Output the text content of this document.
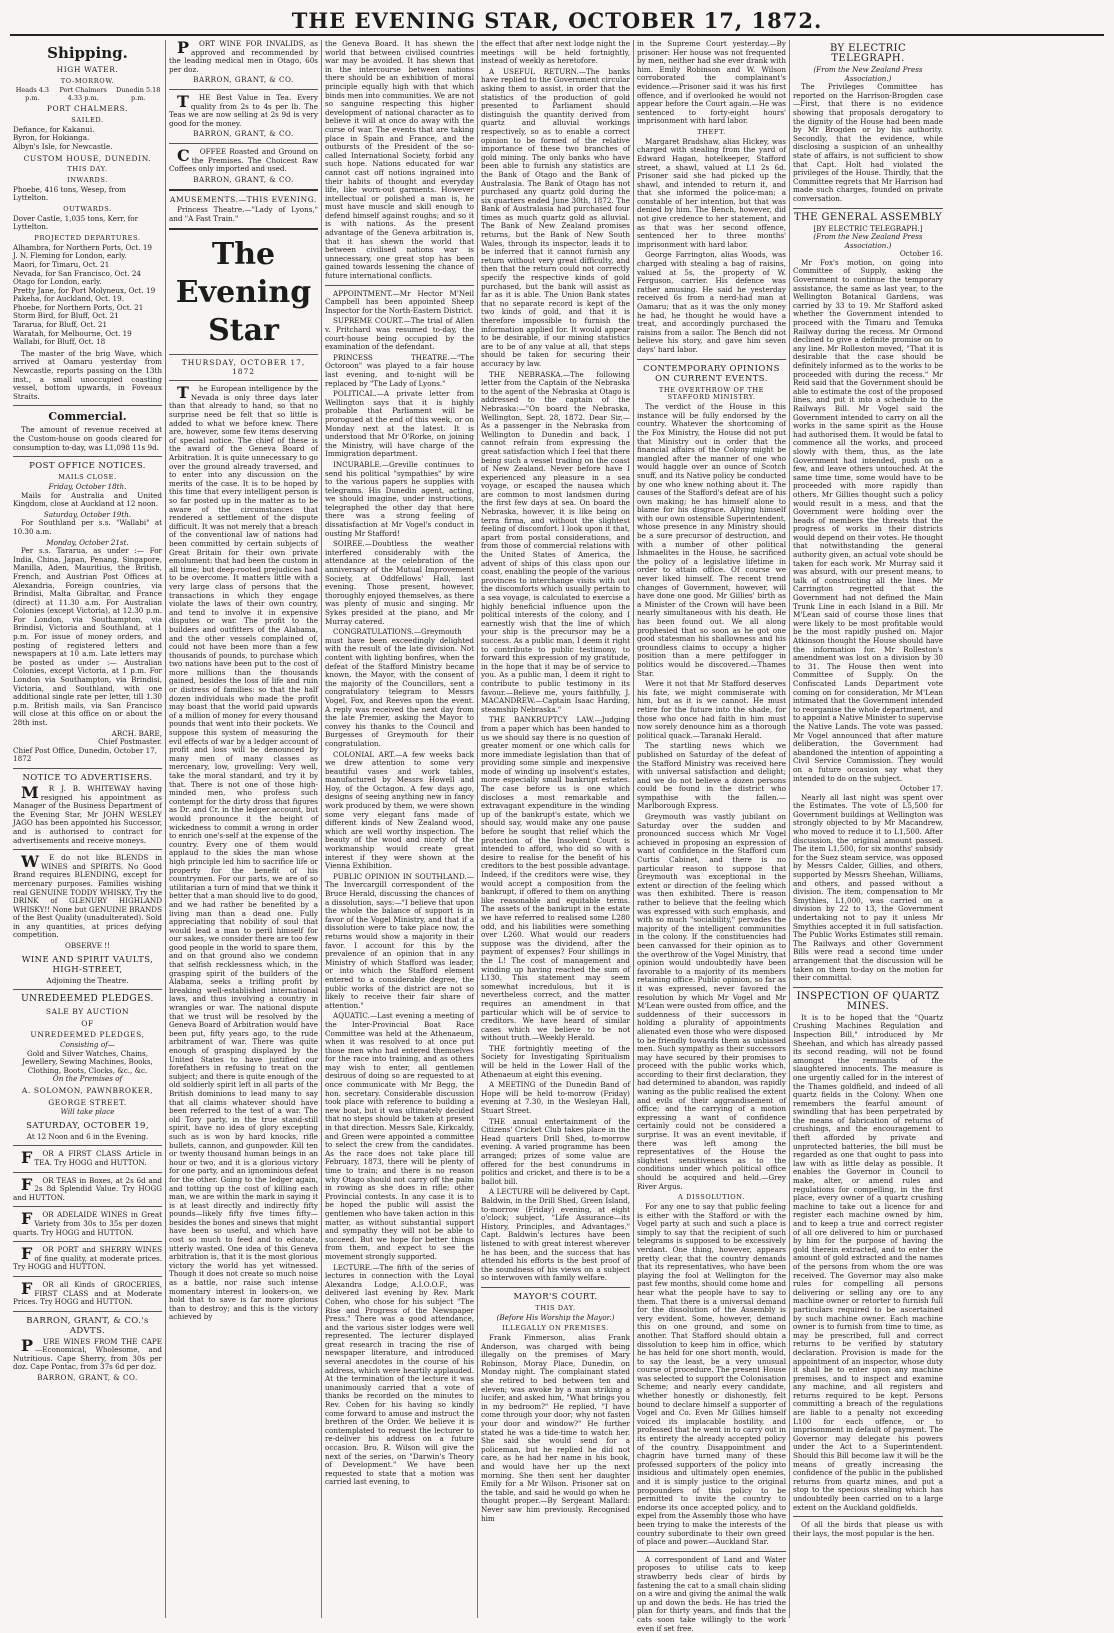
THE EVENING STAR, OCTOBER 17, 1872.
Shipping.
HIGH WATER.
TO-MORROW.
Heads 4.3 p.m.
Port Chalmers 4.33 p.m.
Dunedin 5.18 p.m.
PORT CHALMERS.
SAILED.
Defiance, for Kakanui.
Byron, for Hokianga.
Albyn's Isle, for Newcastle.
CUSTOM HOUSE, DUNEDIN.
THIS DAY.
INWARDS.
Phoebe, 416 tons, Wesep, from Lyttelton.
OUTWARDS.
Dover Castle, 1,035 tons, Kerr, for Lyttelton.
PROJECTED DEPARTURES.
Alhambra, for Northern Ports, Oct. 19
J. N. Fleming for London, early.
Maori, for Timaru, Oct. 21
Nevada, for San Francisco, Oct. 24
Otago for London, early.
Pretty Jane, for Port Molyneux, Oct. 19
Pakeha, for Auckland, Oct. 19.
Phoebe, for Northern Ports, Oct. 21
Storm Bird, for Bluff, Oct. 21
Tararua, for Bluff, Oct. 21
Waratah, for Melbourne, Oct. 19
Wallabi, for Bluff, Oct. 18
The master of the brig Wave, which arrived at Oamaru yesterday from Newcastle, reports passing on the 13th inst., a small unoccupied coasting vessel, bottom upwards, in Foveaux Straits.
Commercial.
The amount of revenue received at the Custom-house on goods cleared for consumption to-day, was L1,098 11s 9d.
POST OFFICE NOTICES.
MAILS CLOSE.
Friday, October 18th.
Mails for Australia and United Kingdom, close at Auckland at 12 noon.
Saturday, October 19th.
For Southland per s.s. "Wallabi" at 10.30 a.m.
Monday, October 21st.
Per s.s. Tararua, as under :— For India, China, Japan, Penang, Singapore, Manilla, Aden, Mauritius, the British, French, and Austrian Post Offices at Alexandria, Foreign countries, via Brindisi, Malta Gibraltar, and France (direct) at 11.30 a.m. For Australian Colonies (except Victoria), at 12.30 p.m. For London, via Southampton, via Brindisi, Victoria and Southland, at 1 p.m. For issue of money orders, and posting of registered letters and newspapers at 10 a.m. Late letters may be posted as under :— Australian Colonies, except Victoria, at 1 p.m. For London via Southampton, via Brindisi, Victoria, and Southland, with one additional single rate per letter, till 1.30 p.m. British mails, via San Francisco will close at this office on or about the 28th inst.
ARCH. BARE,
Chief Postmaster.
Chief Post Office, Dunedin, October 17, 1872
NOTICE TO ADVERTISERS.
MR J. B. WHITEWAY having resigned his appointment as Manager of the Business Department of the Evening Star, Mr JOHN WESLEY JAGO has been appointed his Successor, and is authorised to contract for advertisements and receive moneys.
WE do not like BLENDS in WINES and SPIRITS. No Good Brand requires BLENDING, except for mercenary purposes. Families wishing real GENUINE TODDY WHISKY, Try the DRINK of GLENURY HIGHLAND WHISKY!! None but GENUINE BRANDS of the Best Quality (unadulterated). Sold in any quantities, at prices defying competition.
OBSERVE !!
WINE AND SPIRIT VAULTS, HIGH-STREET,
Adjoining the Theatre.
UNREDEEMED PLEDGES.
SALE BY AUCTION
OF
UNREDEEMED PLEDGES,
Consisting of—
Gold and Silver Watches, Chains, Jewellery, Sewing Machines, Books, Clothing, Boots, Clocks, &c., &c.
On the Premises of
A. SOLOMON, PAWNBROKER,
GEORGE STREET.
Will take place
SATURDAY, OCTOBER 19,
At 12 Noon and 6 in the Evening.
FOR A FIRST CLASS Article in TEA. Try HOGG and HUTTON.
FOR TEAS in Boxes, at 2s 6d and 2s 8d Splendid Value. Try HOGG and HUTTON.
FOR ADELAIDE WINES in Great Variety from 30s to 35s per dozen quarts. Try HOGG and HUTTON.
FOR PORT and SHERRY WINES of fine quality, at moderate prices. Try HOGG and HUTTON.
FOR all Kinds of GROCERIES, FIRST CLASS and at Moderate Prices. Try HOGG and HUTTON.
BARRON, GRANT, & CO.'s ADVTS.
PURE WINES FROM THE CAPE—Economical, Wholesome, and Nutritious. Cape Sherry, from 30s per doz. Cape Pontac, from 37s 6d per doz.
BARRON, GRANT, & CO.
PORT WINE FOR INVALIDS, as approved and recommended by the leading medical men in Otago, 60s per doz.
BARRON, GRANT, & CO.
THE Best Value in Tea. Every quality from 2s to 4s per lb. The Teas we are now selling at 2s 9d is very good for the money.
BARRON, GRANT, & CO.
COFFEE Roasted and Ground on the Premises. The Choicest Raw Coffees only imported and used.
BARRON, GRANT, & CO.
AMUSEMENTS.—THIS EVENING.
Princess Theatre.—"Lady of Lyons," and "A Fast Train."
The Evening Star
THURSDAY, OCTOBER 17, 1872
The European intelligence by the Nevada is only three days later than that already to hand, so that no surprise need be felt that so little is added to what we before knew. There are, however, some few items deserving of special notice. The chief of these is the award of the Geneva Board of Arbitration. It is quite unnecessary to go over the ground already traversed, and to enter into any discussion on the merits of the case. It is to be hoped by this time that every intelligent person is so far posted up in the matter as to be aware of the circumstances that rendered a settlement of the dispute difficult. It was not merely that a breach of the conventional law of nations had been committed by certain subjects of Great Britain for their own private emolument: that had been the custom in all time; but deep-rooted prejudices had to be overcome. It matters little with a very large class of persons that the transactions in which they engage violate the laws of their own country, and tend to involve it in expensive disputes or war. The profit to the builders and outfitters of the Alabama, and the other vessels complained of, could not have been more than a few thousands of pounds, to purchase which two nations have been put to the cost of more millions than the thousands gained, besides the loss of life and ruin or distress of families: so that the half dozen individuals who made the profit may boast that the world paid upwards of a million of money for every thousand pounds that went into their pockets. We suppose this system of measuring the evil effects of war by a ledger account of profit and loss will be denounced by many men of many classes as mercenary, low, grovelling: Very well, take the moral standard, and try it by that. There is not one of those high-minded men, who profess such contempt for the dirty dross that figures as Dr. and Cr. in the ledger account, but would pronounce it the height of wickedness to commit a wrong in order to enrich one's-self at the expense of the country. Every one of them would applaud to the skies the man whose high principle led him to sacrifice life or property for the benefit of his countrymen. For our parts, we are of so utilitarian a turn of mind that we think it better that a man should live to do good, and we had rather be benefited by a living man than a dead one. Fully appreciating that nobility of soul that would lead a man to peril himself for our sakes, we consider there are too few good people in the world to spare them, and on that ground also we condemn that selfish recklessness which, in the grasping spirit of the builders of the Alabama, seeks a trifling profit by breaking well-established international laws, and thus involving a country in wrangles or war. The national dispute that we trust will be resolved by the Geneva Board of Arbitration would have been put, fifty years ago, to the rude arbitrament of war. There was quite enough of grasping displayed by the United States to have justified our forefathers in refusing to treat on the subject; and there is quite enough of the old soldierly spirit left in all parts of the British dominions to lead many to say that all claims whatever should have been referred to the test of a war. The old Tory party, in the true stand-still spirit, have no idea of glory excepting such as is won by hard knocks, rifle bullets, cannon, and gunpowder. Kill ten or twenty thousand human beings in an hour or two, and it is a glorious victory for one party, and an ignominious defeat for the other. Going to the ledger again, and totting up the cost of killing each man, we are within the mark in saying it is at least directly and indirectly fifty pounds—likely fifty five times fifty—besides the bones and sinews that might have been so useful, and which have cost so much to feed and to educate, utterly wasted. One idea of this Geneva arbitration is, that it is the most glorious victory the world has yet witnessed. Though it does not create so much noise as a battle, nor raise such intense momentary interest in lookers-on, we hold that to save is far more glorious than to destroy; and this is the victory achieved by
the Geneva Board. It has shewn the world that between civilised countries war may be avoided. It has shewn that in the intercourse between nations there should be an exhibition of moral principle equally high with that which binds men into communities. We are not so sanguine respecting this higher development of national character as to believe it will at once do away with the curse of war. The events that are taking place in Spain and France, and the outbursts of the President of the so-called International Society, forbid any such hope. Nations educated for war cannot cast off notions ingrained into their habits of thought and everyday life, like worn-out garments. However intellectual or polished a man is, he must have muscle and skill enough to defend himself against roughs; and so it is with nations. As the present advantage of the Geneva arbitration is, that it has shewn the world that between civilised nations war is unnecessary, one great stop has been gained towards lessening the chance of future international conflicts.
APPOINTMENT.—Mr Hector M'Neil Campbell has been appointed Sheep Inspector for the North-Eastern District.
SUPREME COURT.—The trial of Allen v. Pritchard was resumed to-day, the court-house being occupied by the examination of the defendant.
PRINCESS THEATRE.—"The Octoroon" was played to a fair house last evening, and to-night will be replaced by "The Lady of Lyons."
POLITICAL.—A private letter from Wellington says that it is highly probable that Parliament will be prorogued at the end of this week, or on Monday next at the latest. It is understood that Mr O'Rorke, on joining the Ministry, will have charge of the Immigration department.
INCURABLE.—Greville continues to send his political "sympathies" by wire to the various papers he supplies with telegrams. His Dunedin agent, acting, we should imagine, under instructions, telegraphed the other day that here there was a strong feeling of dissatisfaction at Mr Vogel's conduct in ousting Mr Stafford!
SOIREE.—Doubtless the weather interfered considerably with the attendance at the celebration of the anniversary of the Mutual Improvement Society, at Oddfellows' Hall, last evening. Those present, however, thoroughly enjoyed themselves, as there was plenty of music and singing. Mr Sykes presided at the piano, and Mr Murray catered.
CONGRATULATIONS.—Greymouth must have been exceedingly delighted with the result of the late division. Not content with lighting bonfires, when the defeat of the Stafford Ministry became known, the Mayor, with the consent of the majority of the Councillors, sent a congratulatory telegram to Messrs Vogel, Fox, and Reeves upon the event. A reply was received the next day from the late Premier, asking the Mayor to convey his thanks to the Council and Burgesses of Greymouth for their congratulation.
COLONIAL ART.—A few weeks back we drew attention to some very beautiful vases and work tables, manufactured by Messrs Howell and Hoy, of the Octagon. A few days ago, designs of seeing anything new in fancy work produced by them, we were shown some very elegant fans made of different kinds of New Zealand wood, which are well worthy inspection. The beauty of the wood and nicety of the workmanship would create great interest if they were shown at the Vienna Exhibition.
PUBLIC OPINION IN SOUTHLAND.—The Invercargill correspondent of the Bruce Herald, discussing the chances of a dissolution, says:—"I believe that upon the whole the balance of support is in favor of the Vogel Ministry, and that if a dissolution were to take place now, the returns would show a majority in their favor. I account for this by the prevalence of an opinion that in any Ministry of which Stafford was leader, or into which the Stafford element entered to a considerable degree, the public works of the district are not so likely to receive their fair share of attention."
AQUATIC.—Last evening a meeting of the Inter-Provincial Boat Race Committee was held at the Athenaeum, when it was resolved to at once put those men who had entered themselves for the race into training, and as others may wish to enter, all gentlemen desirous of doing so are requested to at once communicate with Mr Begg, the hon. secretary. Considerable discussion took place with reference to building a new boat, but it was ultimately decided that no steps should be taken at present in that direction. Messrs Sale, Kirkcaldy, and Green were appointed a committee to select the crew from the candidates. As the race does not take place till February, 1873, there will be plenty of time to train; and there is no reason why Otago should not carry off the palm in rowing as she does in rifle; other Provincial contests. In any case it is to be hoped the public will assist the gentlemen who have taken action in this matter, as without substantial support and sympathy they will not be able to succeed. But we hope for better things from them, and expect to see the movement strongly supported.
LECTURE.—The fifth of the series of lectures in connection with the Loyal Alexandra Lodge, A.I.O.O.F., was delivered last evening by Rev. Mark Cohen, who chose for his subject "The Rise and Progress of the Newspaper Press." There was a good attendance, and the various sister lodges were well represented. The lecturer displayed great research in tracing the rise of newspaper literature, and introduced several anecdotes in the course of his address, which were heartily applauded. At the termination of the lecture it was unanimously carried that a vote of thanks be recorded on the minutes to Rev. Cohen for his having so kindly come forward to amuse and instruct the brethren of the Order. We believe it is contemplated to request the lecturer to re-deliver his address on a future occasion. Bro. R. Wilson will give the next of the series, on "Darwin's Theory of Development." We have been requested to state that a motion was carried last evening, to
the effect that after next lodge night the meetings will be held fortnightly, instead of weekly as heretofore.
A USEFUL RETURN.—The banks have replied to the Government circular asking them to assist, in order that the statistics of the production of gold presented to Parliament should distinguish the quantity derived from quartz and alluvial workings respectively, so as to enable a correct opinion to be formed of the relative importance of these two branches of gold mining. The only banks who have been able to furnish any statistics are the Bank of Otago and the Bank of Australasia. The Bank of Otago has not purchased any quartz gold during the six quarters ended June 30th, 1872. The Bank of Australasia had purchased four times as much quartz gold as alluvial. The Bank of New Zealand promises returns, but the Bank of New South Wales, through its inspector, leads it to be inferred that it cannot furnish any return without very great difficulty, and then that the return could not correctly specify the respective kinds of gold purchased, but the bank will assist as far as it is able. The Union Bank states that no separate record is kept of the two kinds of gold, and that it is therefore impossible to furnish the information applied for. It would appear to be desirable, if our mining statistics are to be of any value at all, that steps should be taken for securing their accuracy by law.
THE NEBRASKA.—The following letter from the Captain of the Nebraska to the agent of the Nebraska at Otago is addressed to the captain of the Nebraska:—"On board the Nebraska, Wellington, Sept. 28, 1872. Dear Sir,—As a passenger in the Nebraska from Wellington to Dunedin and back, I cannot refrain from expressing the great satisfaction which I feel that there being such a vessel trading on the coast of New Zealand. Never before have I experienced any pleasure in a sea voyage, or escaped the nausea which are common to most landsmen during the first few days at sea. On board the Nebraska, however, it is like being on terra firma, and without the slightest feeling of discomfort. I look upon it that, apart from postal considerations, and from those of commercial relations with the United States of America, the advent of ships of this class upon our coast, enabling the people of the various provinces to interchange visits with out the discomforts which usually pertain to a sea voyage, is calculated to exercise a highly beneficial influence upon the political interests of the colony, and I earnestly wish that the line of which your ship is the precursor may be a success. As a public man, I deem it right to contribute to public testimony, to forward this expression of my gratitude, in the hope that it may be of service to you. As a public man, I deem it right to contribute to public testimony in its favour.—Believe me, yours faithfully, J. MACANDREW.—Captain Isaac Harding, steamship Nebraska."
THE BANKRUPTCY LAW.—Judging from a paper which has been handed to us we should say there is no question of greater moment or one which calls for more immediate legislation than that of providing some simple and inexpensive mode of winding up insolvent's estates, more especially small bankrupt estates. The case before us is one which discloses a most remarkable and extravagant expenditure in the winding up of the bankrupt's estate, which we should say, would make any one pause before he sought that relief which the protection of the Insolvent Court is intended to afford, who did so with a desire to realise for the benefit of his creditors to the best possible advantage. Indeed, if the creditors were wise, they would accept a composition from the bankrupt, if offered to them on anything like reasonable and equitable terms. The assets of the bankrupt in the estate we have referred to realised some L280 odd, and his liabilities were something over L260. What would our readers suppose was the dividend, after the payment of expenses? Four shillings in the L! The cost of management and winding up having reached the sum of L130. This statement may seem somewhat incredulous, but it is nevertheless correct, and the matter requires an amendment in that particular which will be of service to creditors. We have heard of similar cases which we believe to be not without truth.—Weekly Herald.
THE fortnightly meeting of the Society for Investigating Spiritualism will be held in the Lower Hall of the Athenaeum at eight this evening.
A MEETING of the Dunedin Band of Hope will be held to-morrow (Friday) evening at 7.30, in the Wesleyan Hall, Stuart Street.
THE annual entertainment of the Citizens' Cricket Club takes place in the Head quarters Drill Shed, to-morrow evening. A varied programme has been arranged; prizes of some value are offered for the best conundrums in politics and cricket, and there is to be a ballot bill.
A LECTURE will be delivered by Capt. Baldwin, in the Drill Shed, Green Island, to-morrow (Friday) evening, at eight o'clock; subject, "Life Assurance—its History, Principles, and Advantages." Capt. Baldwin's lectures have been listened to with great interest wherever he has been, and the success that has attended his efforts is the best proof of the soundness of his views on a subject so interwoven with family welfare.
MAYOR'S COURT.
THIS DAY.
(Before His Worship the Mayor.)
ILLEGALLY ON PREMISES.
Frank Finmerson, alias Frank Anderson, was charged with being illegally on the premises of Mary Robinson, Moray Place, Dunedin, on Monday night. The complainant stated she retired to bed between ten and eleven; was awoke by a man striking a lucifer, and asked him, "What brings you in my bedroom?" He replied, "I have come through your door; why not fasten your door and window?" He further stated he was a tide-time to watch her. She said she would send for a policeman, but he replied he did not care, as he had her name in his book, and would have her up the next morning. She then sent her daughter Emily for a Mr Wilson. Prisoner sat on the table, and said he would go when he thought proper.—By Sergeant Mallard: Never saw him previously. Recognised him
in the Supreme Court yesterday.—By prisoner: Her house was not frequented by men, neither had she ever drank with him. Emily Robinson and W. Wilson corroborated the complainant's evidence.—Prisoner said it was his first offence, and if overlooked he would not appear before the Court again.—He was sentenced to forty-eight hours' imprisonment with hard labor.
THEFT.
Margaret Bradshaw, alias Hickey, was charged with stealing from the yard of Edward Hagan, hotelkeeper, Stafford street, a shawl, valued at L1 2s 6d. Prisoner said she had picked up the shawl, and intended to return it, and that she informed the police-man; a constable of her intention, but that was denied by him. The Bench, however, did not give credence to her statement, and as that was her second offence, sentenced her to three months' imprisonment with hard labor.
George Farrington, alias Woods, was charged with stealing a bag of raisins, valued at 5s, the property of W. Ferguson, carrier. His defence was rather amusing. He said he yesterday received 6s from a nerd-had man at Oamaru; that as it was the only money he had, he thought he would have a treat, and accordingly purchased the raisins from a sailor. The Bench did not believe his story, and gave him seven days' hard labor.
CONTEMPORARY OPINIONS ON CURRENT EVENTS.
THE OVERTHROW OF THE STAFFORD MINISTRY.
The verdict of the House in this instance will be fully endorsed by the country. Whatever the shortcoming of the Fox Ministry, the House did not put that Ministry out in order that the financial affairs of the Colony might be mangled after the manner of one who would haggle over an ounce of Scotch snuff, and its Native policy be conducted by one who knew nothing about it. The causes of the Stafford's defeat are of his own making; he has himself alone to blame for his disgrace. Allying himself with our own ostensible Superintendent, whose presence in any Ministry should be a sure precursor of destruction, and with a number of other political Ishmaelites in the House, he sacrificed the policy of a legislative lifetime in order to attain office. Of course we never liked himself. The recent trend changes of Government, however, will have done one good. Mr Gillies' birth as a Minister of the Crown will have been nearly simultaneous with his death. He has been found out. We all along prophesied that so soon as he got one good statesman his shallowness and his groundless claims to occupy a higher position than a mere pettifogger in politics would be discovered.—Thames Star.
Were it not that Mr Stafford deserves his fate, we might commiserate with him, but as it is we cannot. He must retire for the future into the shade, for those who once had faith in him must now sorely denounce him as a thorough political quack.—Taranaki Herald.
The startling news which we published on Saturday of the defeat of the Stafford Ministry was received here with universal satisfaction and delight; and we do not believe a dozen persons could be found in the district who sympathise with the fallen.—Marlborough Express.
Greymouth was vastly jubilant on Saturday over the sudden and pronounced success which Mr Vogel achieved in proposing an expression of want of confidence in the Stafford cum Curtis Cabinet, and there is no particular reason to suppose that Greymouth was exceptional in the extent or direction of the feeling which was then exhibited. There is reason rather to believe that the feeling which was expressed with such emphasis, and with so much "sociability," pervades the majority of the intelligent communities in the colony. If the constituencies had been canvassed for their opinion as to the overthrow of the Vogel Ministry, that opinion would undoubtedly have been favorable to a majority of its members retaining office. Public opinion, so far as it was expressed, never favored the resolution by which Mr Vogel and Mr M'Lean were ousted from office, and the suddenness of their successors in holding a plurality of appointments alienated even those who were disposed to be friendly towards them as unbiased men. Such sympathy as their successors may have secured by their promises to proceed with the public works which, according to their first declaration, they had determined to abandon, was rapidly waning as the public realised the extent and evils of their aggrandisement of office; and the carrying of a motion expressing a want of confidence certainly could not be considered a surprise. It was an event inevitable, if there was left among the representatives of the House the slightest sensitiveness as to the conditions under which political office should be acquired and held.—Grey River Argus.
A DISSOLUTION.
For any one to say that public feeling is either with the Stafford or with the Vogel party at such and such a place is simply to say that the recipient of such telegrams is supposed to be excessively verdant. One thing, however, appears pretty clear, that the country demands that its representatives, who have been playing the fool at Wellington for the past few months, should come home and hear what the people have to say to them. That there is a universal demand for the dissolution of the Assembly is very evident. Some, however, demand this on one ground, and some on another. That Stafford should obtain a dissolution to keep him in office, which he has held for one short month, would, to say the least, be a very unusual course of procedure. The present House was selected to support the Colonisation Scheme; and nearly every candidate, whether honestly or dishonestly, felt bound to declare himself a supporter of Vogel and Co. Even Mr Gillies himself voiced its implacable hostility, and professed that he went in to carry out in its entirety the already accepted policy of the country. Disappointment and chagrin have turned many of these professed supporters of the policy into insidious and ultimately open enemies, and it is simply justice to the original propounders of this policy to be permitted to invite the country to endorse its once accepted policy, and to expel from the Assembly those who have been trying to make the interests of the country subordinate to their own greed of place and power.—Auckland Star.
A correspondent of Land and Water proposes to utilise cats to keep strawberry beds clear of birds by fastening the cat to a small chain sliding on a wire and giving the animal the walk up and down the beds. He has tried the plan for thirty years, and finds that the cats soon take willingly to the work even if set free.
BY ELECTRIC TELEGRAPH.
(From the New Zealand Press Association.)
The Privileges Committee has reported on the Harrison-Brogden case—First, that there is no evidence showing that proposals derogatory to the dignity of the House had been made by Mr Brogden or by his authority. Secondly, that the evidence, while disclosing a suspicion of an unhealthy state of affairs, is not sufficient to show that Capt. Holt had violated the privileges of the House. Thirdly, that the Committee regrets that Mr Harrison had made such charges, founded on private conversation.
THE GENERAL ASSEMBLY
[BY ELECTRIC TELEGRAPH.]
(From the New Zealand Press Association.)
October 16.
Mr Fox's motion, on going into Committee of Supply, asking the Government to continue the temporary assistance, the same as last year, to the Wellington Botanical Gardens, was carried by 33 to 19. Mr Stafford asked whether the Government intended to proceed with the Timaru and Temuka Railway during the recess. Mr Ormond declined to give a definite promise on to any line. Mr Rolleston moved, "That it is desirable that the case should be definitely informed as to the works to be proceeded with during the recess." Mr Reid said that the Government should be able to estimate the cost of the proposed lines, and put it into a schedule to the Railways Bill. Mr Vogel said the Government intended to carry on all the works in the same spirit as the House had authorised them. It would be fatal to commence all the works, and proceed slowly with them, thus, as the late Government had intended, push on a few, and leave others untouched. At the same time time, some would have to be proceeded with more rapidly than others. Mr Gillies thought such a policy would result in a mess, and that the Government were holding over the heads of members the threats that the progress of works in their districts would depend on their votes. He thought that notwithstanding the general authority given, an actual vote should be taken for each work. Mr Murray said it was absurd, with our present means, to talk of constructing all the lines. Mr Carrington regretted that the Government had not defined the Main Trunk Line in each Island in a Bill. Mr M'Lean said of course those lines that were likely to be most profitable would be the most rapidly pushed on. Major Atkinson thought the House should have the information for. Mr Rolleston's amendment was lost on a division by 30 to 31. The House then went into Committee of Supply. On the Confiscated Lands Department vote coming on for consideration, Mr M'Lean intimated that the Government intended to reorganise the whole department, and to appoint a Native Minister to supervise the Native Lands. The vote was passed. Mr Vogel announced that after mature deliberation, the Government had abandoned the intention of appointing a Civil Service Commission. They would on a future occasion say what they intended to do on the subject.
October 17.
Nearly all last night was spent over the Estimates. The vote of L5,500 for Government buildings at Wellington was strongly objected to by Mr Macandrew, who moved to reduce it to L1,500. After discussion, the original amount passed. The item L1,500, for six months' subsidy for the Suez steam service, was opposed by Messrs Calder, Gillies, and others, supported by Messrs Sheehan, Williams, and others, and passed without a division. The item, compensation to Mr Smythies, L1,000, was carried on a division by 22 to 13, the Government undertaking not to pay it unless Mr Smythies accepted it in full satisfaction. The Public Works Estimates still remain. The Railways and other Government Bills were read a second time under arrangement that the discussion will be taken on them to-day on the motion for their committal.
INSPECTION OF QUARTZ MINES.
It is to be hoped that the "Quartz Crushing Machines Regulation and Inspection Bill," introduced by Mr Sheehan, and which has already passed its second reading, will not be found amongst the remnants of the slaughtered innocents. The measure is one urgently called for in the interest of the Thames goldfield, and indeed of all quartz fields in the Colony. When one remembers the fearful amount of swindling that has been perpetrated by the means of fabrication of returns of crushings, and the encouragement to theft afforded by private and unprotected batteries, the bill must be regarded as one that ought to pass into law with as little delay as possible. It enables the Governor in Council to make, alter, or amend rules and regulations for compelling, in the first place, every owner of a quartz crushing machine to take out a licence for and register each machine owned by him, and to keep a true and correct register of all ore delivered to him or purchased by him for the purpose of having the gold therein extracted, and to enter the amount of gold extracted and the names of the persons from whom the ore was received. The Governor may also make rules for compelling all persons delivering or selling any ore to any machine owner or retorter to furnish full particulars required to be ascertained by such machine owner. Each machine owner is to furnish from time to time, as may be prescribed, full and correct returns to be verified by statutory declaration. Provision is made for the appointment of an inspector, whose duty it shall be to enter upon any machine premises, and to inspect and examine any machine, and all registers and returns required to be kept. Persons committing a breach of the regulations are liable to a penalty not exceeding L100 for each offence, or to imprisonment in default of payment. The Governor may delegate his powers under the Act to a Superintendent. Should this Bill become law it will be the means of greatly increasing the confidence of the public in the published returns from quartz mines, and put a stop to the specious stealing which has undoubtedly been carried on to a large extent on the Auckland goldfields.
Of all the birds that please us with their lays, the most popular is the hen.
